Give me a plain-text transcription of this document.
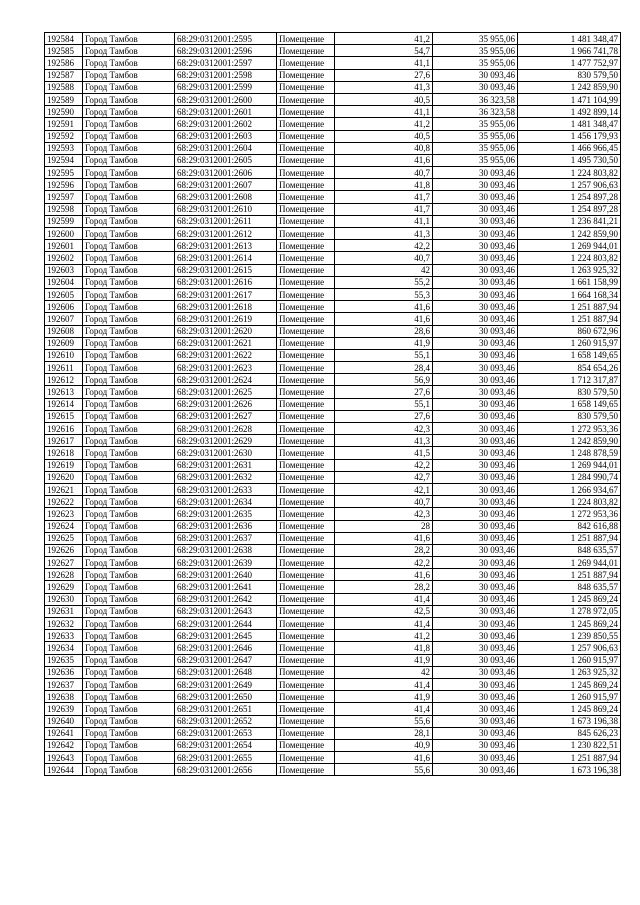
192584	Город Тамбов	68:29:0312001:2595	Помещение	41,2	35 955,06	1 481 348,47
192585	Город Тамбов	68:29:0312001:2596	Помещение	54,7	35 955,06	1 966 741,78
192586	Город Тамбов	68:29:0312001:2597	Помещение	41,1	35 955,06	1 477 752,97
192587	Город Тамбов	68:29:0312001:2598	Помещение	27,6	30 093,46	830 579,50
192588	Город Тамбов	68:29:0312001:2599	Помещение	41,3	30 093,46	1 242 859,90
192589	Город Тамбов	68:29:0312001:2600	Помещение	40,5	36 323,58	1 471 104,99
192590	Город Тамбов	68:29:0312001:2601	Помещение	41,1	36 323,58	1 492 899,14
192591	Город Тамбов	68:29:0312001:2602	Помещение	41,2	35 955,06	1 481 348,47
192592	Город Тамбов	68:29:0312001:2603	Помещение	40,5	35 955,06	1 456 179,93
192593	Город Тамбов	68:29:0312001:2604	Помещение	40,8	35 955,06	1 466 966,45
192594	Город Тамбов	68:29:0312001:2605	Помещение	41,6	35 955,06	1 495 730,50
192595	Город Тамбов	68:29:0312001:2606	Помещение	40,7	30 093,46	1 224 803,82
192596	Город Тамбов	68:29:0312001:2607	Помещение	41,8	30 093,46	1 257 906,63
192597	Город Тамбов	68:29:0312001:2608	Помещение	41,7	30 093,46	1 254 897,28
192598	Город Тамбов	68:29:0312001:2610	Помещение	41,7	30 093,46	1 254 897,28
192599	Город Тамбов	68:29:0312001:2611	Помещение	41,1	30 093,46	1 236 841,21
192600	Город Тамбов	68:29:0312001:2612	Помещение	41,3	30 093,46	1 242 859,90
192601	Город Тамбов	68:29:0312001:2613	Помещение	42,2	30 093,46	1 269 944,01
192602	Город Тамбов	68:29:0312001:2614	Помещение	40,7	30 093,46	1 224 803,82
192603	Город Тамбов	68:29:0312001:2615	Помещение	42	30 093,46	1 263 925,32
192604	Город Тамбов	68:29:0312001:2616	Помещение	55,2	30 093,46	1 661 158,99
192605	Город Тамбов	68:29:0312001:2617	Помещение	55,3	30 093,46	1 664 168,34
192606	Город Тамбов	68:29:0312001:2618	Помещение	41,6	30 093,46	1 251 887,94
192607	Город Тамбов	68:29:0312001:2619	Помещение	41,6	30 093,46	1 251 887,94
192608	Город Тамбов	68:29:0312001:2620	Помещение	28,6	30 093,46	860 672,96
192609	Город Тамбов	68:29:0312001:2621	Помещение	41,9	30 093,46	1 260 915,97
192610	Город Тамбов	68:29:0312001:2622	Помещение	55,1	30 093,46	1 658 149,65
192611	Город Тамбов	68:29:0312001:2623	Помещение	28,4	30 093,46	854 654,26
192612	Город Тамбов	68:29:0312001:2624	Помещение	56,9	30 093,46	1 712 317,87
192613	Город Тамбов	68:29:0312001:2625	Помещение	27,6	30 093,46	830 579,50
192614	Город Тамбов	68:29:0312001:2626	Помещение	55,1	30 093,46	1 658 149,65
192615	Город Тамбов	68:29:0312001:2627	Помещение	27,6	30 093,46	830 579,50
192616	Город Тамбов	68:29:0312001:2628	Помещение	42,3	30 093,46	1 272 953,36
192617	Город Тамбов	68:29:0312001:2629	Помещение	41,3	30 093,46	1 242 859,90
192618	Город Тамбов	68:29:0312001:2630	Помещение	41,5	30 093,46	1 248 878,59
192619	Город Тамбов	68:29:0312001:2631	Помещение	42,2	30 093,46	1 269 944,01
192620	Город Тамбов	68:29:0312001:2632	Помещение	42,7	30 093,46	1 284 990,74
192621	Город Тамбов	68:29:0312001:2633	Помещение	42,1	30 093,46	1 266 934,67
192622	Город Тамбов	68:29:0312001:2634	Помещение	40,7	30 093,46	1 224 803,82
192623	Город Тамбов	68:29:0312001:2635	Помещение	42,3	30 093,46	1 272 953,36
192624	Город Тамбов	68:29:0312001:2636	Помещение	28	30 093,46	842 616,88
192625	Город Тамбов	68:29:0312001:2637	Помещение	41,6	30 093,46	1 251 887,94
192626	Город Тамбов	68:29:0312001:2638	Помещение	28,2	30 093,46	848 635,57
192627	Город Тамбов	68:29:0312001:2639	Помещение	42,2	30 093,46	1 269 944,01
192628	Город Тамбов	68:29:0312001:2640	Помещение	41,6	30 093,46	1 251 887,94
192629	Город Тамбов	68:29:0312001:2641	Помещение	28,2	30 093,46	848 635,57
192630	Город Тамбов	68:29:0312001:2642	Помещение	41,4	30 093,46	1 245 869,24
192631	Город Тамбов	68:29:0312001:2643	Помещение	42,5	30 093,46	1 278 972,05
192632	Город Тамбов	68:29:0312001:2644	Помещение	41,4	30 093,46	1 245 869,24
192633	Город Тамбов	68:29:0312001:2645	Помещение	41,2	30 093,46	1 239 850,55
192634	Город Тамбов	68:29:0312001:2646	Помещение	41,8	30 093,46	1 257 906,63
192635	Город Тамбов	68:29:0312001:2647	Помещение	41,9	30 093,46	1 260 915,97
192636	Город Тамбов	68:29:0312001:2648	Помещение	42	30 093,46	1 263 925,32
192637	Город Тамбов	68:29:0312001:2649	Помещение	41,4	30 093,46	1 245 869,24
192638	Город Тамбов	68:29:0312001:2650	Помещение	41,9	30 093,46	1 260 915,97
192639	Город Тамбов	68:29:0312001:2651	Помещение	41,4	30 093,46	1 245 869,24
192640	Город Тамбов	68:29:0312001:2652	Помещение	55,6	30 093,46	1 673 196,38
192641	Город Тамбов	68:29:0312001:2653	Помещение	28,1	30 093,46	845 626,23
192642	Город Тамбов	68:29:0312001:2654	Помещение	40,9	30 093,46	1 230 822,51
192643	Город Тамбов	68:29:0312001:2655	Помещение	41,6	30 093,46	1 251 887,94
192644	Город Тамбов	68:29:0312001:2656	Помещение	55,6	30 093,46	1 673 196,38
